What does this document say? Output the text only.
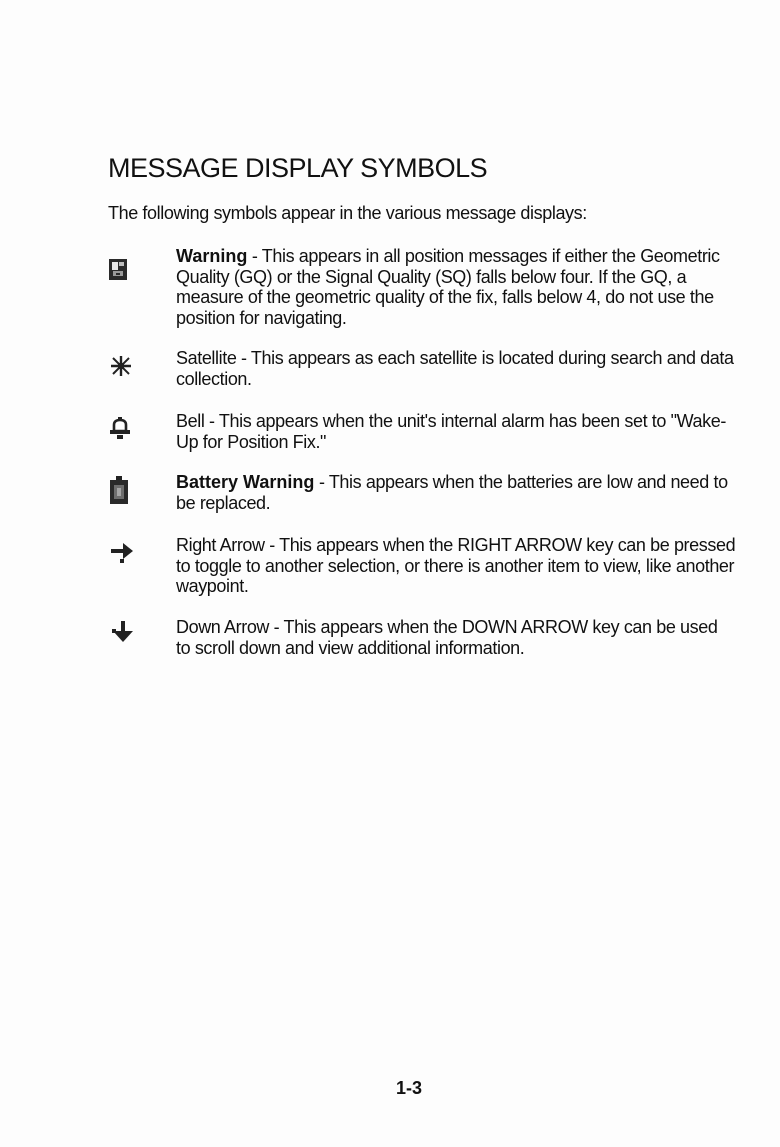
MESSAGE DISPLAY SYMBOLS

The following symbols appear in the various message displays:

Warning - This appears in all position messages if either the Geometric Quality (GQ) or the Signal Quality (SQ) falls below four. If the GQ, a measure of the geometric quality of the fix, falls below 4, do not use the position for navigating.

Satellite - This appears as each satellite is located during search and data collection.

Bell - This appears when the unit's internal alarm has been set to "Wake-Up for Position Fix."

Battery Warning - This appears when the batteries are low and need to be replaced.

Right Arrow - This appears when the RIGHT ARROW key can be pressed to toggle to another selection, or there is another item to view, like another waypoint.

Down Arrow - This appears when the DOWN ARROW key can be used to scroll down and view additional information.

1-3
